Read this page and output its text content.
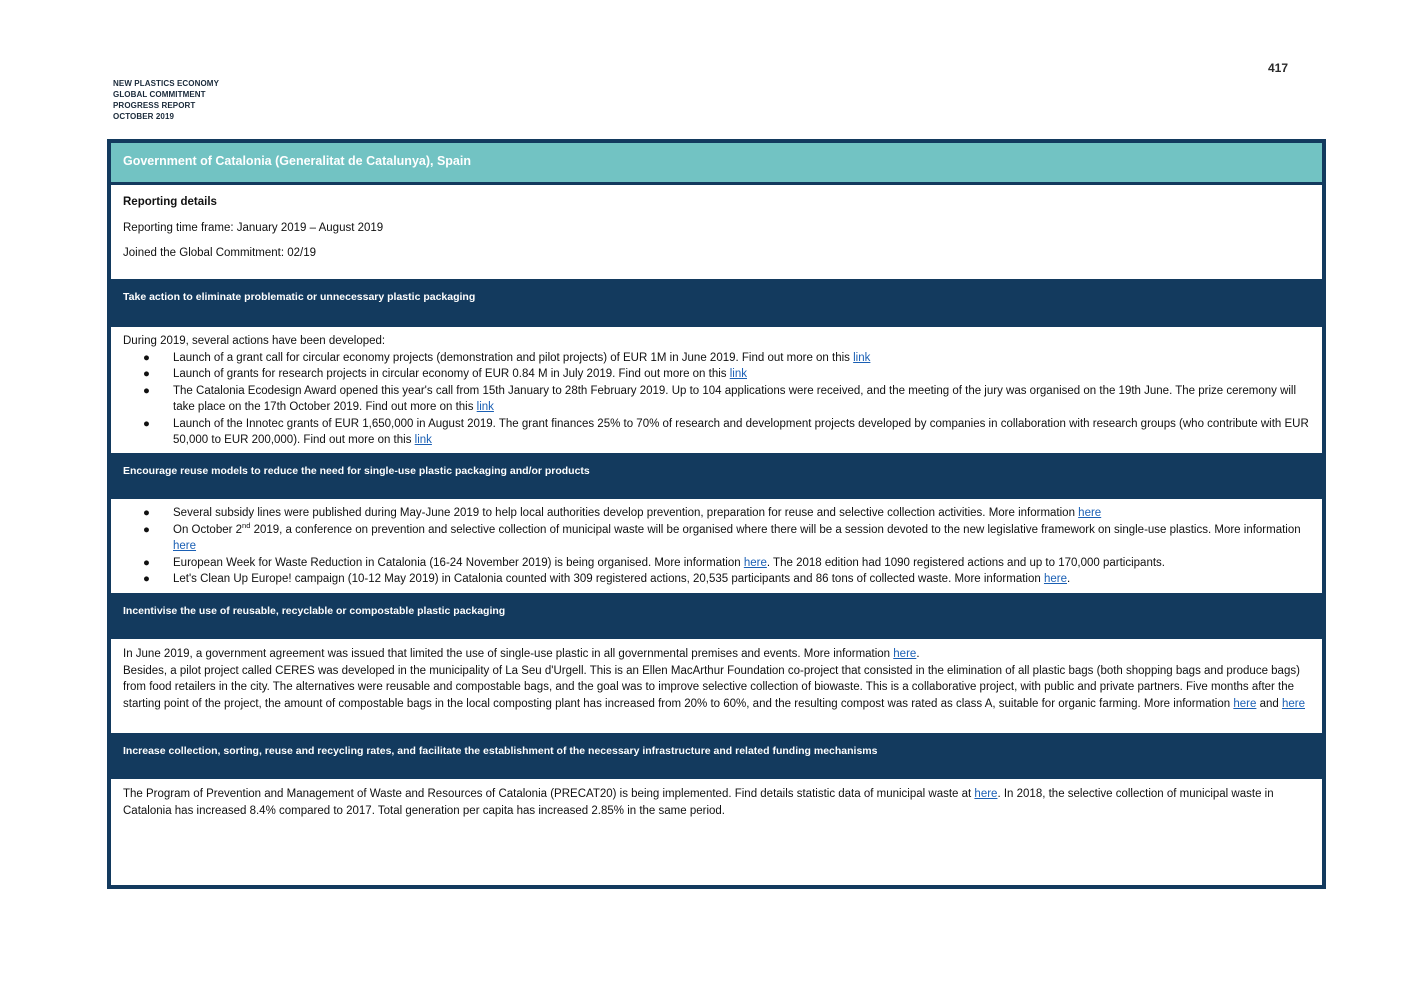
417
NEW PLASTICS ECONOMY
GLOBAL COMMITMENT
PROGRESS REPORT
OCTOBER 2019
Government of Catalonia (Generalitat de Catalunya), Spain

Reporting details

Reporting time frame: January 2019 – August 2019

Joined the Global Commitment: 02/19

Take action to eliminate problematic or unnecessary plastic packaging

During 2019, several actions have been developed:

● Launch of a grant call for circular economy projects (demonstration and pilot projects) of EUR 1M in June 2019. Find out more on this link
● Launch of grants for research projects in circular economy of EUR 0.84 M in July 2019. Find out more on this link
● The Catalonia Ecodesign Award opened this year's call from 15th January to 28th February 2019. Up to 104 applications were received, and the meeting of the jury was organised on the 19th June. The prize ceremony will take place on the 17th October 2019. Find out more on this link
● Launch of the Innotec grants of EUR 1,650,000 in August 2019. The grant finances 25% to 70% of research and development projects developed by companies in collaboration with research groups (who contribute with EUR 50,000 to EUR 200,000). Find out more on this link
Encourage reuse models to reduce the need for single-use plastic packaging and/or products
● Several subsidy lines were published during May-June 2019 to help local authorities develop prevention, preparation for reuse and selective collection activities. More information here
● On October 2nd 2019, a conference on prevention and selective collection of municipal waste will be organised where there will be a session devoted to the new legislative framework on single-use plastics. More information here
● European Week for Waste Reduction in Catalonia (16-24 November 2019) is being organised. More information here. The 2018 edition had 1090 registered actions and up to 170,000 participants.
● Let's Clean Up Europe! campaign (10-12 May 2019) in Catalonia counted with 309 registered actions, 20,535 participants and 86 tons of collected waste. More information here.
Incentivise the use of reusable, recyclable or compostable plastic packaging

In June 2019, a government agreement was issued that limited the use of single-use plastic in all governmental premises and events. More information here.

Besides, a pilot project called CERES was developed in the municipality of La Seu d'Urgell. This is an Ellen MacArthur Foundation co-project that consisted in the elimination of all plastic bags (both shopping bags and produce bags) from food retailers in the city. The alternatives were reusable and compostable bags, and the goal was to improve selective collection of biowaste. This is a collaborative project, with public and private partners. Five months after the starting point of the project, the amount of compostable bags in the local composting plant has increased from 20% to 60%, and the resulting compost was rated as class A, suitable for organic farming. More information here and here

Increase collection, sorting, reuse and recycling rates, and facilitate the establishment of the necessary infrastructure and related funding mechanisms

The Program of Prevention and Management of Waste and Resources of Catalonia (PRECAT20) is being implemented. Find details statistic data of municipal waste at here. In 2018, the selective collection of municipal waste in Catalonia has increased 8.4% compared to 2017. Total generation per capita has increased 2.85% in the same period.
